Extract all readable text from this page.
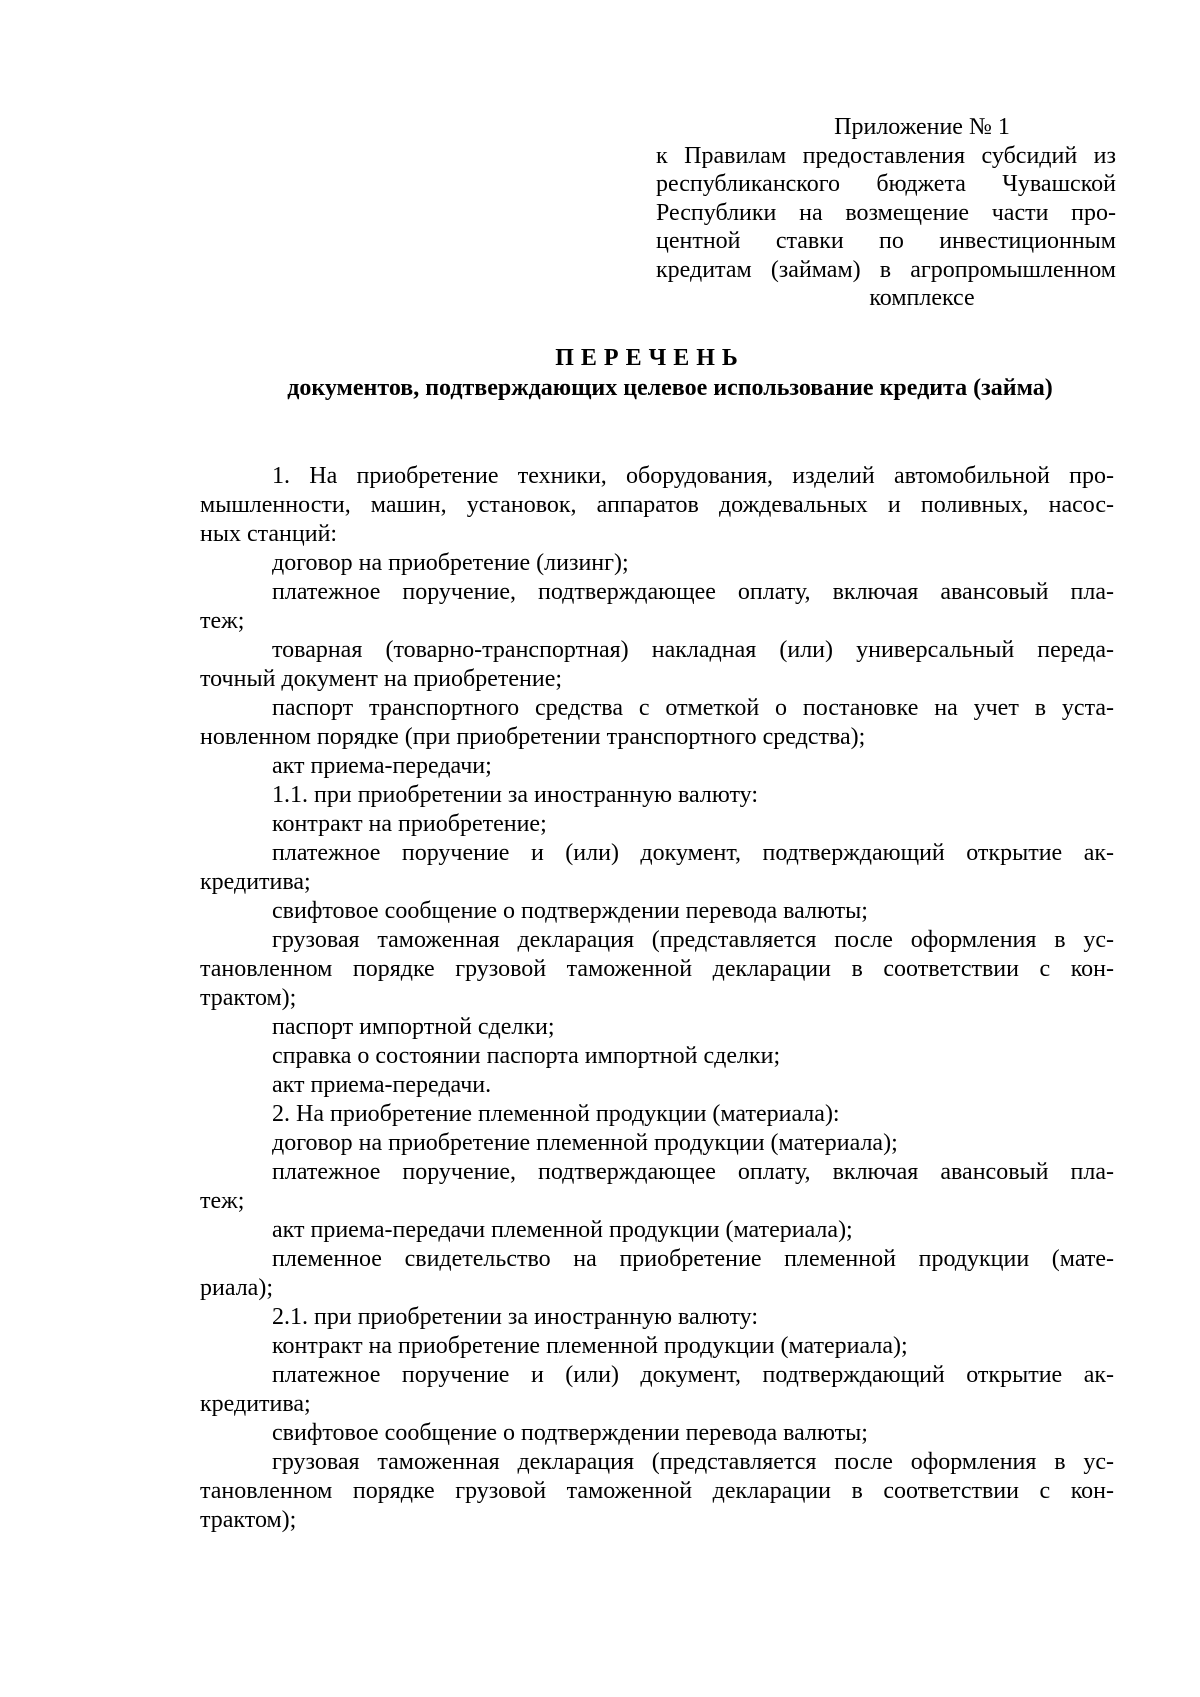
Приложение № 1
к Правилам предоставления субсидий из
республиканского бюджета Чувашской
Республики на возмещение части про-
центной ставки по инвестиционным
кредитам (займам) в агропромышленном
комплексе
ПЕРЕЧЕНЬ
документов, подтверждающих целевое использование кредита (займа)
1. На приобретение техники, оборудования, изделий автомобильной про-
мышленности, машин, установок, аппаратов дождевальных и поливных, насос-
ных станций:
договор на приобретение (лизинг);
платежное поручение, подтверждающее оплату, включая авансовый пла-
теж;
товарная (товарно-транспортная) накладная (или) универсальный переда-
точный документ на приобретение;
паспорт транспортного средства с отметкой о постановке на учет в уста-
новленном порядке (при приобретении транспортного средства);
акт приема-передачи;
1.1. при приобретении за иностранную валюту:
контракт на приобретение;
платежное поручение и (или) документ, подтверждающий открытие ак-
кредитива;
свифтовое сообщение о подтверждении перевода валюты;
грузовая таможенная декларация (представляется после оформления в ус-
тановленном порядке грузовой таможенной декларации в соответствии с кон-
трактом);
паспорт импортной сделки;
справка о состоянии паспорта импортной сделки;
акт приема-передачи.
2. На приобретение племенной продукции (материала):
договор на приобретение племенной продукции (материала);
платежное поручение, подтверждающее оплату, включая авансовый пла-
теж;
акт приема-передачи племенной продукции (материала);
племенное свидетельство на приобретение племенной продукции (мате-
риала);
2.1. при приобретении за иностранную валюту:
контракт на приобретение племенной продукции (материала);
платежное поручение и (или) документ, подтверждающий открытие ак-
кредитива;
свифтовое сообщение о подтверждении перевода валюты;
грузовая таможенная декларация (представляется после оформления в ус-
тановленном порядке грузовой таможенной декларации в соответствии с кон-
трактом);
